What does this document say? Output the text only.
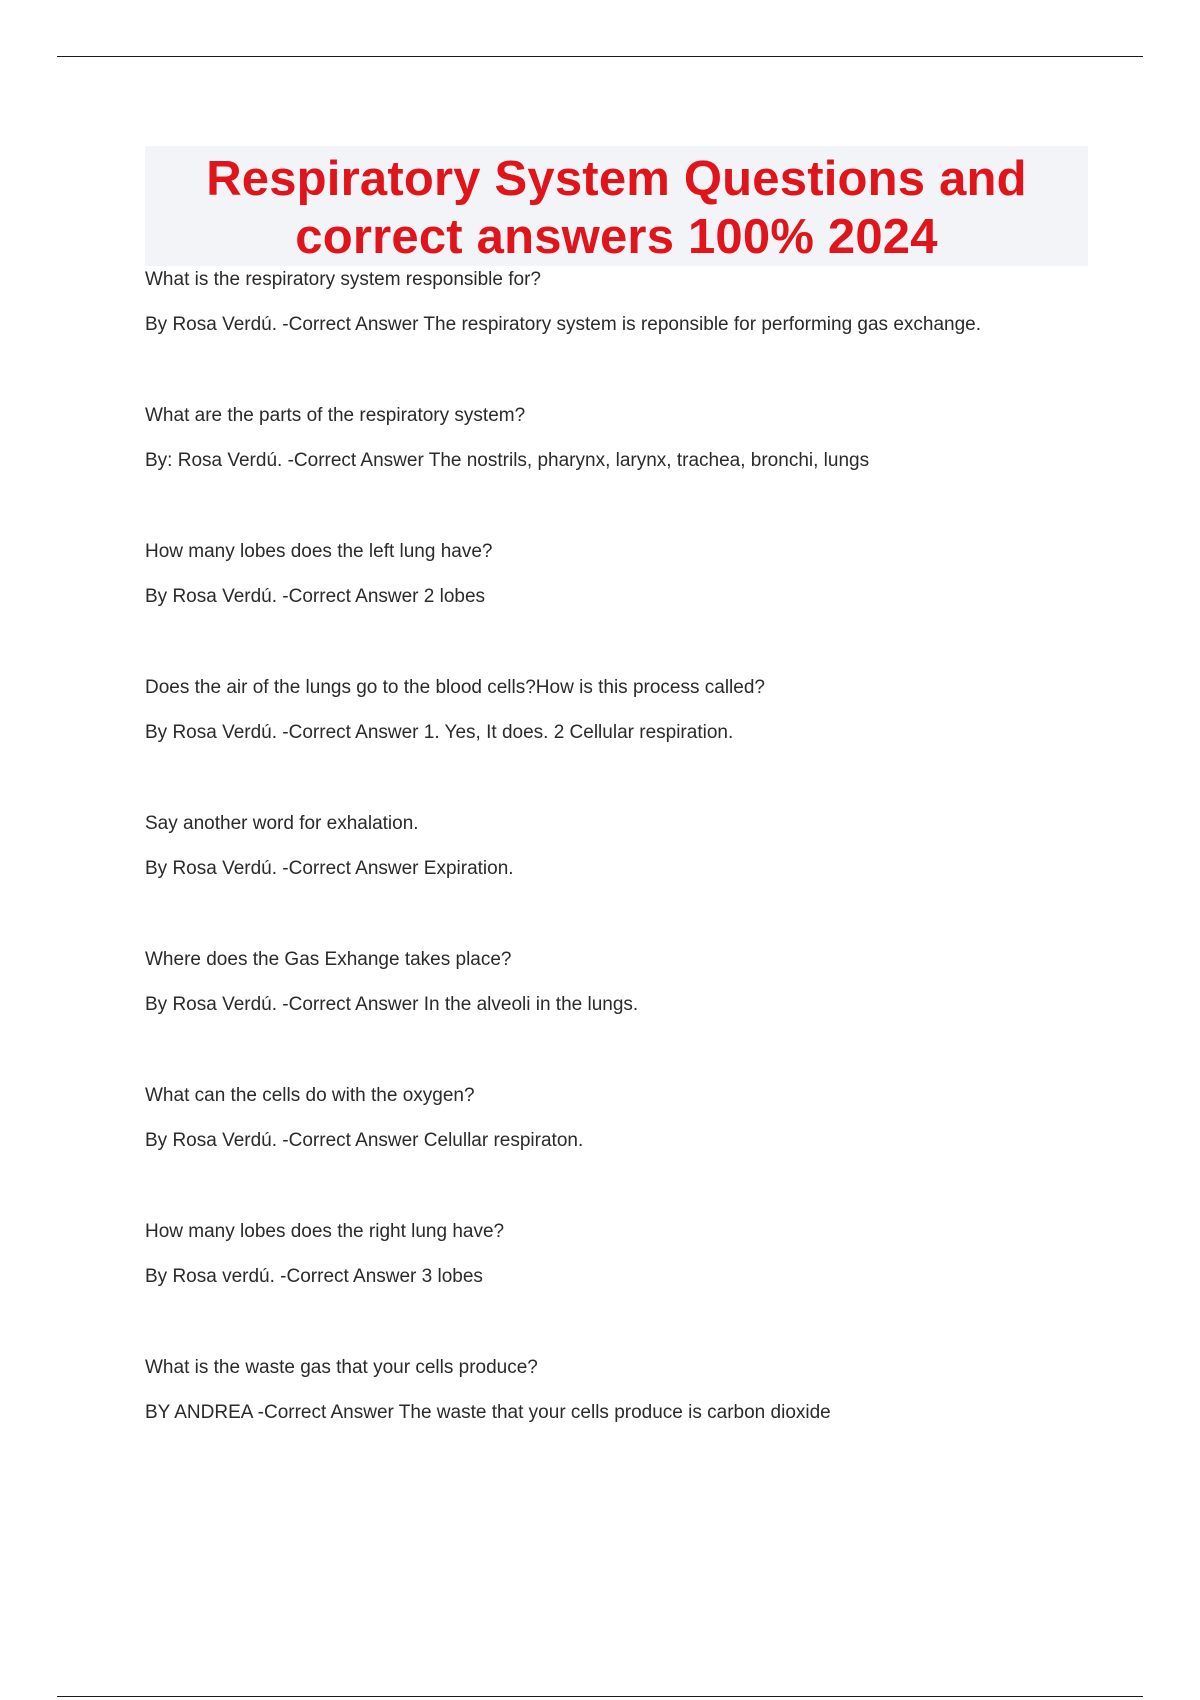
Respiratory System Questions and
correct answers 100% 2024
What is the respiratory system responsible for?
By Rosa Verdú. -Correct Answer The respiratory system is reponsible for performing gas exchange.
What are the parts of the respiratory system?
By: Rosa Verdú. -Correct Answer The nostrils, pharynx, larynx, trachea, bronchi, lungs
How many lobes does the left lung have?
By Rosa Verdú. -Correct Answer 2 lobes
Does the air of the lungs go to the blood cells?How is this process called?
By Rosa Verdú. -Correct Answer 1. Yes, It does. 2 Cellular respiration.
Say another word for exhalation.
By Rosa Verdú. -Correct Answer Expiration.
Where does the Gas Exhange takes place?
By Rosa Verdú. -Correct Answer In the alveoli in the lungs.
What can the cells do with the oxygen?
By Rosa Verdú. -Correct Answer Celullar respiraton.
How many lobes does the right lung have?
By Rosa verdú. -Correct Answer 3 lobes
What is the waste gas that your cells produce?
BY ANDREA -Correct Answer The waste that your cells produce is carbon dioxide
